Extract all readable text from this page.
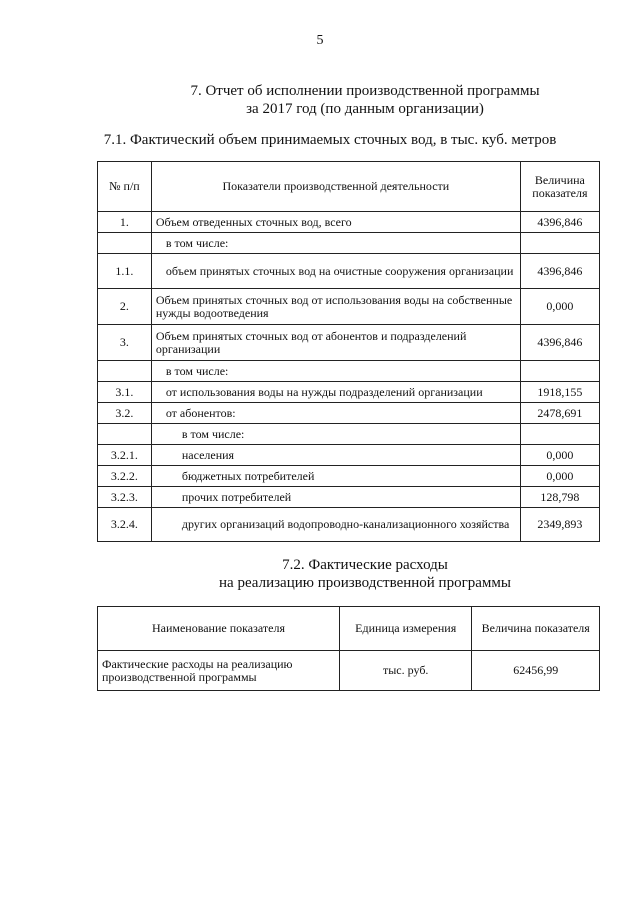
5
7. Отчет об исполнении производственной программы
за 2017 год (по данным организации)
7.1. Фактический объем принимаемых сточных вод, в тыс. куб. метров
№ п/п	Показатели производственной деятельности	Величина
показателя

1.	Объем отведенных сточных вод, всего	4396,846
	в том числе:	
1.1.	объем принятых сточных вод на очистные сооружения организации	4396,846
2.	Объем принятых сточных вод от использования воды на собственные нужды водоотведения	0,000
3.	Объем принятых сточных вод от абонентов и подразделений организации	4396,846
	в том числе:	
3.1.	от использования воды на нужды подразделений организации	1918,155
3.2.	от абонентов:	2478,691
	в том числе:	
3.2.1.	населения	0,000
3.2.2.	бюджетных потребителей	0,000
3.2.3.	прочих потребителей	128,798
3.2.4.	других организаций водопроводно-канализационного хозяйства	2349,893
7.2. Фактические расходы
на реализацию производственной программы
Наименование показателя	Единица измерения	Величина показателя
Фактические расходы на реализацию производственной программы	тыс. руб.	62456,99
